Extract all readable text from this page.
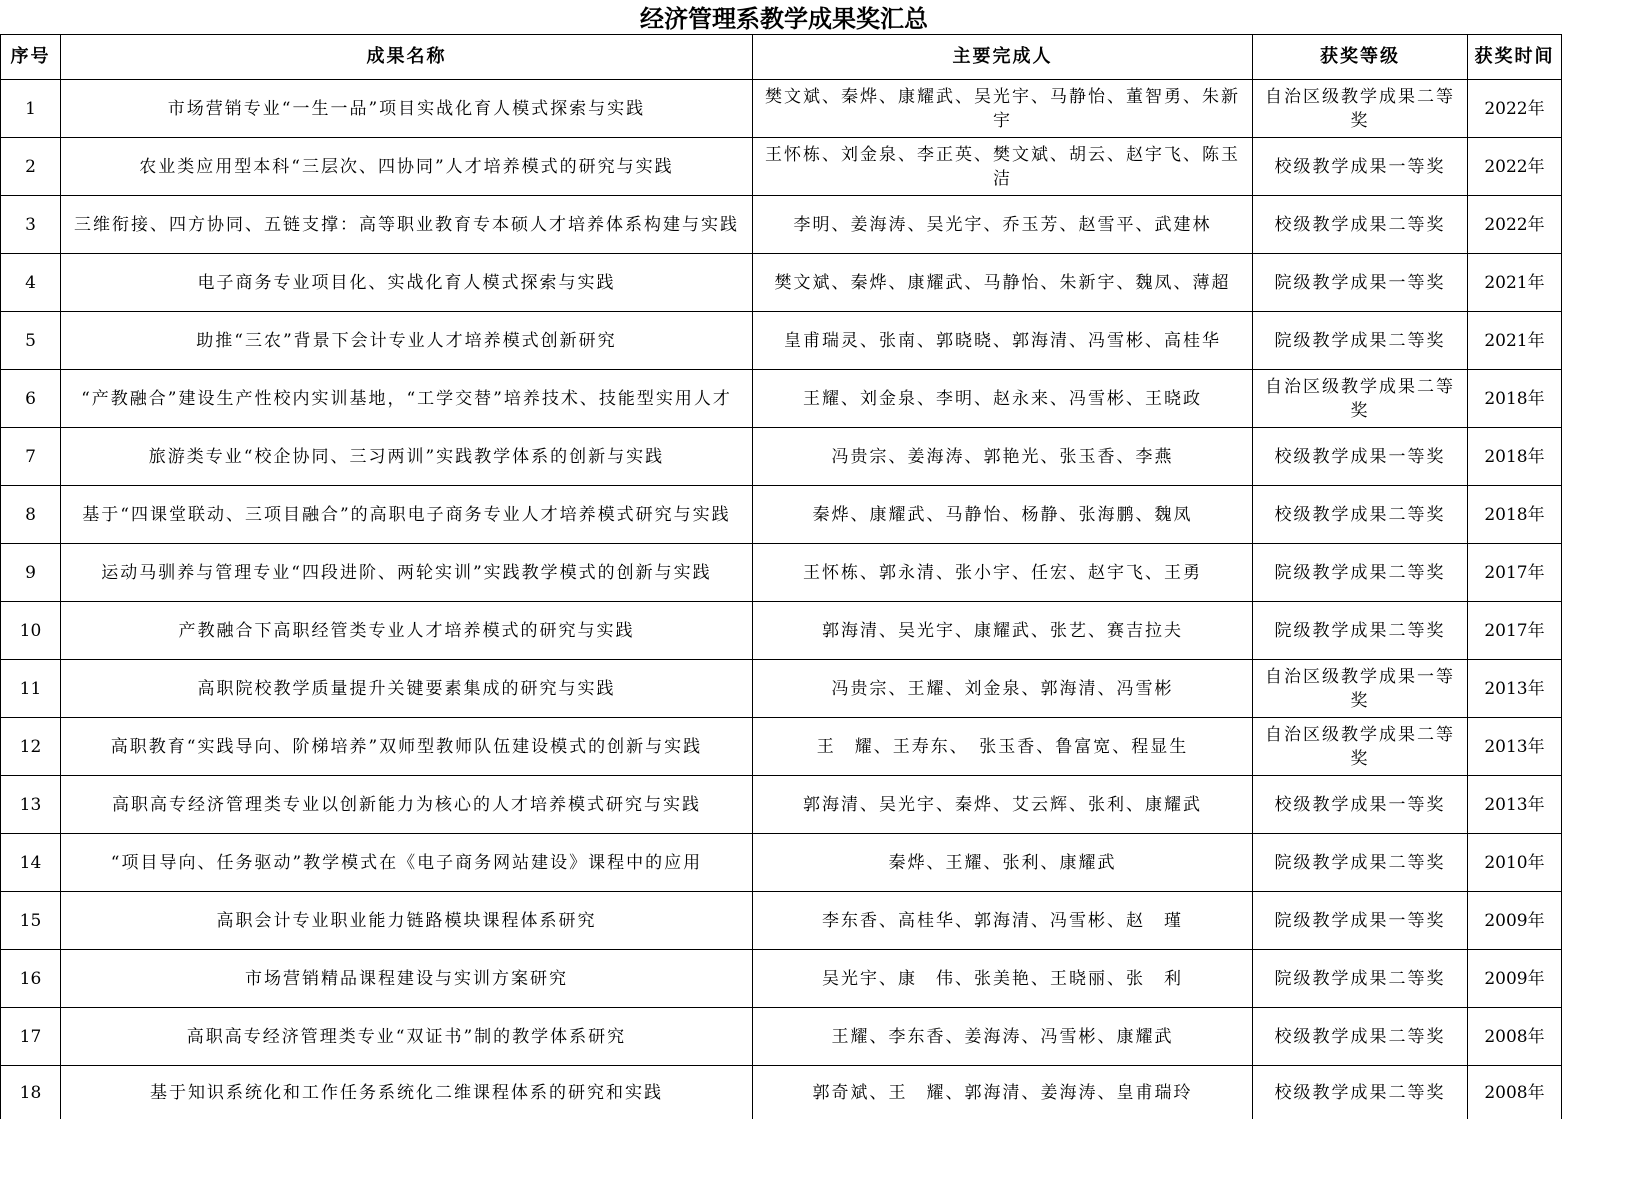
经济管理系教学成果奖汇总
序号	成果名称	主要完成人	获奖等级	获奖时间
1	市场营销专业“一生一品”项目实战化育人模式探索与实践	樊文斌、秦烨、康耀武、吴光宇、马静怡、董智勇、朱新宇	自治区级教学成果二等奖	2022年
2	农业类应用型本科“三层次、四协同”人才培养模式的研究与实践	王怀栋、刘金泉、李正英、樊文斌、胡云、赵宇飞、陈玉洁	校级教学成果一等奖	2022年
3	三维衔接、四方协同、五链支撑：高等职业教育专本硕人才培养体系构建与实践	李明、姜海涛、吴光宇、乔玉芳、赵雪平、武建林	校级教学成果二等奖	2022年
4	电子商务专业项目化、实战化育人模式探索与实践	樊文斌、秦烨、康耀武、马静怡、朱新宇、魏凤、薄超	院级教学成果一等奖	2021年
5	助推“三农”背景下会计专业人才培养模式创新研究	皇甫瑞灵、张南、郭晓晓、郭海清、冯雪彬、高桂华	院级教学成果二等奖	2021年
6	“产教融合”建设生产性校内实训基地，“工学交替”培养技术、技能型实用人才	王耀、刘金泉、李明、赵永来、冯雪彬、王晓政	自治区级教学成果二等奖	2018年
7	旅游类专业“校企协同、三习两训”实践教学体系的创新与实践	冯贵宗、姜海涛、郭艳光、张玉香、李燕	校级教学成果一等奖	2018年
8	基于“四课堂联动、三项目融合”的高职电子商务专业人才培养模式研究与实践	秦烨、康耀武、马静怡、杨静、张海鹏、魏凤	校级教学成果二等奖	2018年
9	运动马驯养与管理专业“四段进阶、两轮实训”实践教学模式的创新与实践	王怀栋、郭永清、张小宇、任宏、赵宇飞、王勇	院级教学成果二等奖	2017年
10	产教融合下高职经管类专业人才培养模式的研究与实践	郭海清、吴光宇、康耀武、张艺、赛吉拉夫	院级教学成果二等奖	2017年
11	高职院校教学质量提升关键要素集成的研究与实践	冯贵宗、王耀、刘金泉、郭海清、冯雪彬	自治区级教学成果一等奖	2013年
12	高职教育“实践导向、阶梯培养”双师型教师队伍建设模式的创新与实践	王　耀、王寿东、　张玉香、鲁富宽、程显生	自治区级教学成果二等奖	2013年
13	高职高专经济管理类专业以创新能力为核心的人才培养模式研究与实践	郭海清、吴光宇、秦烨、艾云辉、张利、康耀武	校级教学成果一等奖	2013年
14	“项目导向、任务驱动”教学模式在《电子商务网站建设》课程中的应用	秦烨、王耀、张利、康耀武	院级教学成果二等奖	2010年
15	高职会计专业职业能力链路模块课程体系研究	李东香、高桂华、郭海清、冯雪彬、赵　瑾	院级教学成果一等奖	2009年
16	市场营销精品课程建设与实训方案研究	吴光宇、康　伟、张美艳、王晓丽、张　利	院级教学成果二等奖	2009年
17	高职高专经济管理类专业“双证书”制的教学体系研究	王耀、李东香、姜海涛、冯雪彬、康耀武	校级教学成果二等奖	2008年
18	基于知识系统化和工作任务系统化二维课程体系的研究和实践	郭奇斌、王　耀、郭海清、姜海涛、皇甫瑞玲	校级教学成果二等奖	2008年
